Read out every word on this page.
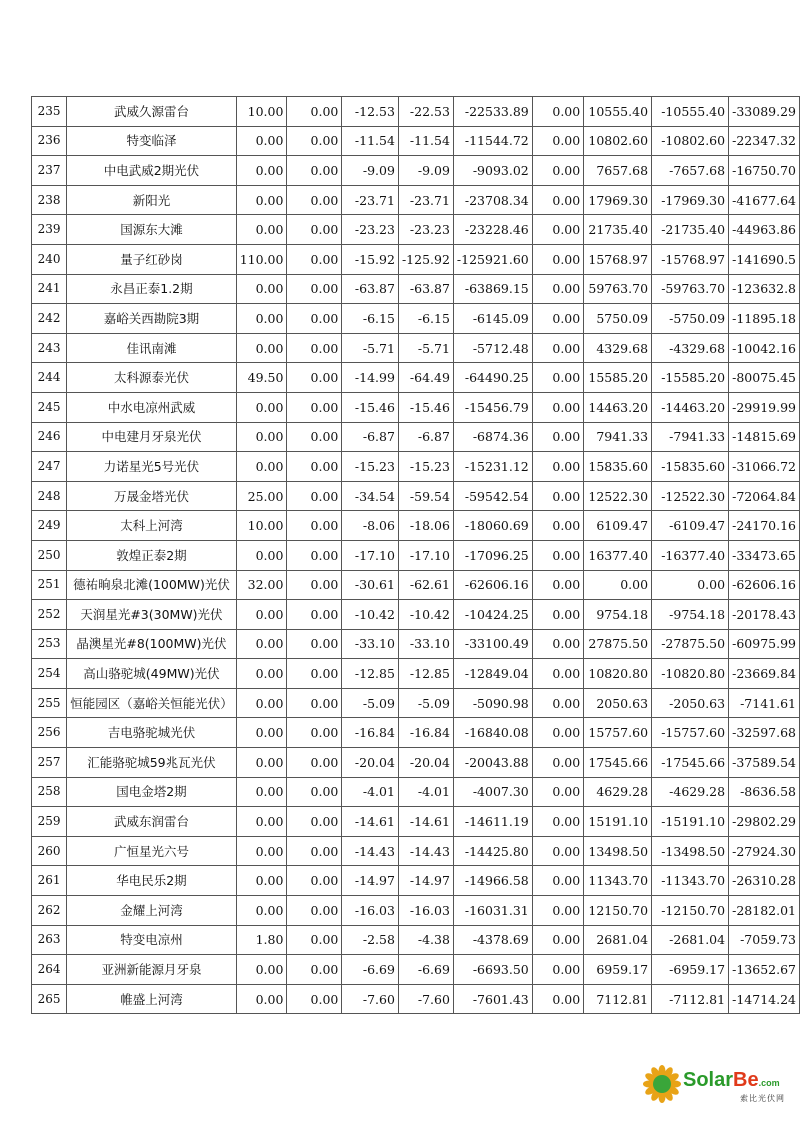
235	武威久源雷台	10.00	0.00	-12.53	-22.53	-22533.89	0.00	10555.40	-10555.40	-33089.29
236	特变临泽	0.00	0.00	-11.54	-11.54	-11544.72	0.00	10802.60	-10802.60	-22347.32
237	中电武威2期光伏	0.00	0.00	-9.09	-9.09	-9093.02	0.00	7657.68	-7657.68	-16750.70
238	新阳光	0.00	0.00	-23.71	-23.71	-23708.34	0.00	17969.30	-17969.30	-41677.64
239	国源东大滩	0.00	0.00	-23.23	-23.23	-23228.46	0.00	21735.40	-21735.40	-44963.86
240	量子红砂岗	110.00	0.00	-15.92	-125.92	-125921.60	0.00	15768.97	-15768.97	-141690.5
241	永昌正泰1.2期	0.00	0.00	-63.87	-63.87	-63869.15	0.00	59763.70	-59763.70	-123632.8
242	嘉峪关西勘院3期	0.00	0.00	-6.15	-6.15	-6145.09	0.00	5750.09	-5750.09	-11895.18
243	佳讯南滩	0.00	0.00	-5.71	-5.71	-5712.48	0.00	4329.68	-4329.68	-10042.16
244	太科源泰光伏	49.50	0.00	-14.99	-64.49	-64490.25	0.00	15585.20	-15585.20	-80075.45
245	中水电凉州武威	0.00	0.00	-15.46	-15.46	-15456.79	0.00	14463.20	-14463.20	-29919.99
246	中电建月牙泉光伏	0.00	0.00	-6.87	-6.87	-6874.36	0.00	7941.33	-7941.33	-14815.69
247	力诺星光5号光伏	0.00	0.00	-15.23	-15.23	-15231.12	0.00	15835.60	-15835.60	-31066.72
248	万晟金塔光伏	25.00	0.00	-34.54	-59.54	-59542.54	0.00	12522.30	-12522.30	-72064.84
249	太科上河湾	10.00	0.00	-8.06	-18.06	-18060.69	0.00	6109.47	-6109.47	-24170.16
250	敦煌正泰2期	0.00	0.00	-17.10	-17.10	-17096.25	0.00	16377.40	-16377.40	-33473.65
251	德祐晌泉北滩(100MW)光伏	32.00	0.00	-30.61	-62.61	-62606.16	0.00	0.00	0.00	-62606.16
252	天润星光#3(30MW)光伏	0.00	0.00	-10.42	-10.42	-10424.25	0.00	9754.18	-9754.18	-20178.43
253	晶澳星光#8(100MW)光伏	0.00	0.00	-33.10	-33.10	-33100.49	0.00	27875.50	-27875.50	-60975.99
254	高山骆驼城(49MW)光伏	0.00	0.00	-12.85	-12.85	-12849.04	0.00	10820.80	-10820.80	-23669.84
255	恒能园区（嘉峪关恒能光伏）	0.00	0.00	-5.09	-5.09	-5090.98	0.00	2050.63	-2050.63	-7141.61
256	吉电骆驼城光伏	0.00	0.00	-16.84	-16.84	-16840.08	0.00	15757.60	-15757.60	-32597.68
257	汇能骆驼城59兆瓦光伏	0.00	0.00	-20.04	-20.04	-20043.88	0.00	17545.66	-17545.66	-37589.54
258	国电金塔2期	0.00	0.00	-4.01	-4.01	-4007.30	0.00	4629.28	-4629.28	-8636.58
259	武威东润雷台	0.00	0.00	-14.61	-14.61	-14611.19	0.00	15191.10	-15191.10	-29802.29
260	广恒星光六号	0.00	0.00	-14.43	-14.43	-14425.80	0.00	13498.50	-13498.50	-27924.30
261	华电民乐2期	0.00	0.00	-14.97	-14.97	-14966.58	0.00	11343.70	-11343.70	-26310.28
262	金耀上河湾	0.00	0.00	-16.03	-16.03	-16031.31	0.00	12150.70	-12150.70	-28182.01
263	特变电凉州	1.80	0.00	-2.58	-4.38	-4378.69	0.00	2681.04	-2681.04	-7059.73
264	亚洲新能源月牙泉	0.00	0.00	-6.69	-6.69	-6693.50	0.00	6959.17	-6959.17	-13652.67
265	帷盛上河湾	0.00	0.00	-7.60	-7.60	-7601.43	0.00	7112.81	-7112.81	-14714.24
SolarBe.com
索比光伏网
